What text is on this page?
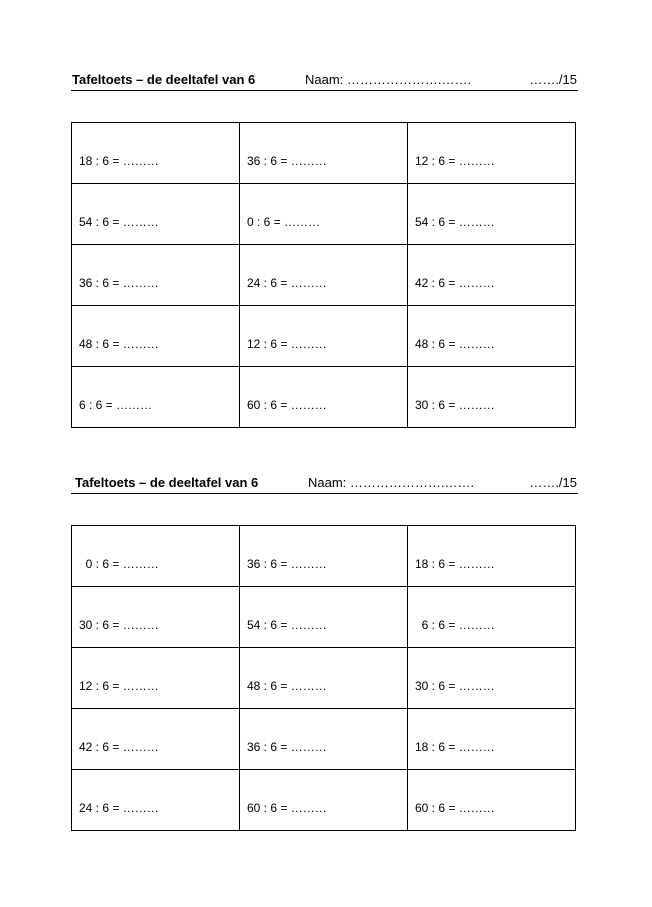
Tafeltoets – de deeltafel van 6	Naam: ………………….…….	……./15
18 : 6 = ………	36 : 6 = ………	12 : 6 = ………
54 : 6 = ………	0 : 6 = ………	54 : 6 = ………
36 : 6 = ………	24 : 6 = ………	42 : 6 = ………
48 : 6 = ………	12 : 6 = ………	48 : 6 = ………
6 : 6 = ………	60 : 6 = ………	30 : 6 = ………
Tafeltoets – de deeltafel van 6	Naam: ………………….…….	……./15
0 : 6 = ………	36 : 6 = ………	18 : 6 = ………
30 : 6 = ………	54 : 6 = ………	6 : 6 = ………
12 : 6 = ………	48 : 6 = ………	30 : 6 = ………
42 : 6 = ………	36 : 6 = ………	18 : 6 = ………
24 : 6 = ………	60 : 6 = ………	60 : 6 = ………
